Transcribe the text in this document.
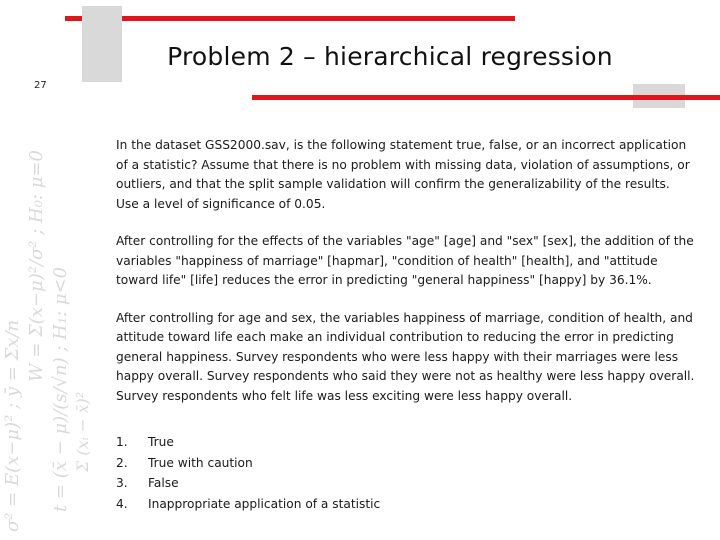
σ² = E(x−μ)² ; ȳ = Σx/n
W = Σ(x−μ)²/σ² ; H₀: μ=0
t = (x̄ − μ)/(s/√n) ; H₁: μ<0 Σ (xᵢ − x̄)²
Problem 2 – hierarchical regression
27

In the dataset GSS2000.sav, is the following statement true, false, or an incorrect application of a statistic? Assume that there is no problem with missing data, violation of assumptions, or outliers, and that the split sample validation will confirm the generalizability of the results. Use a level of significance of 0.05.

After controlling for the effects of the variables "age" [age] and "sex" [sex], the addition of the variables "happiness of marriage" [hapmar], "condition of health" [health], and "attitude toward life" [life] reduces the error in predicting "general happiness" [happy] by 36.1%.

After controlling for age and sex, the variables happiness of marriage, condition of health, and attitude toward life each make an individual contribution to reducing the error in predicting general happiness. Survey respondents who were less happy with their marriages were less happy overall. Survey respondents who said they were not as healthy were less happy overall. Survey respondents who felt life was less exciting were less happy overall.

1.	True
2.	True with caution
3.	False
4.	Inappropriate application of a statistic
